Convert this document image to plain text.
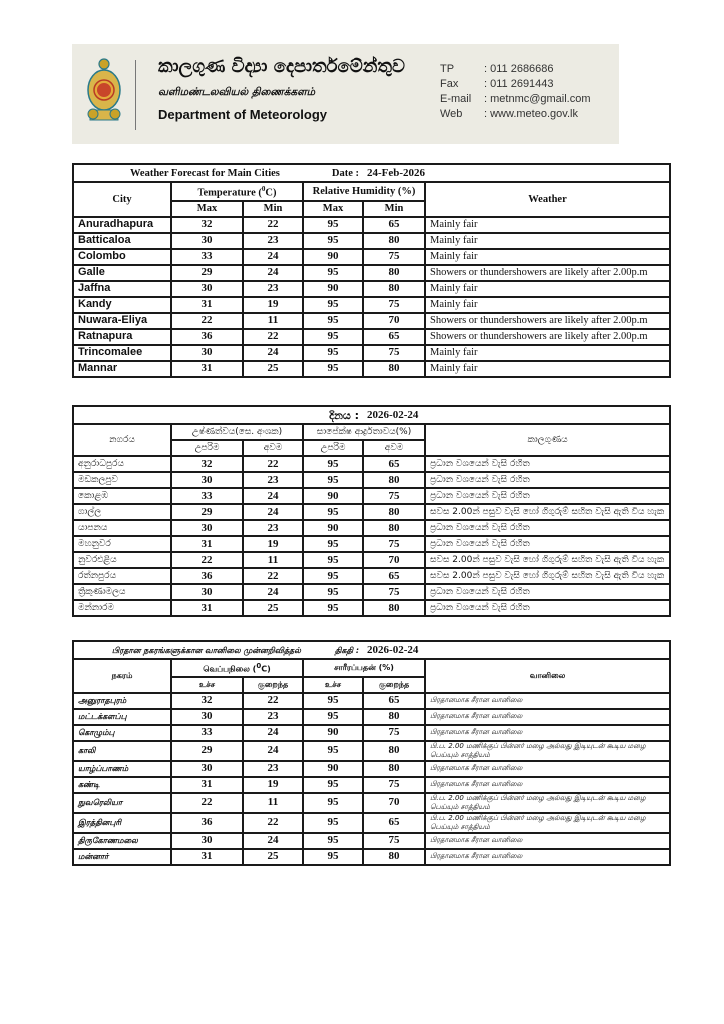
කාලගුණ විද්‍යා දෙපාර්තමේන්තුව
வளிமண்டலவியல் திணைக்களம்
Department of Meteorology
TP	: 011 2686686
Fax	: 011 2691443
E-mail	: metnmc@gmail.com
Web	: www.meteo.gov.lk
Weather Forecast for Main Cities Date :				24-Feb-2026	
City	Temperature ($^0$C)		Relative Humidity (%)		Weather
	Max	Min	Max	Min	
Anuradhapura	32	22	95	65	Mainly fair
Batticaloa	30	23	95	80	Mainly fair
Colombo	33	24	90	75	Mainly fair
Galle	29	24	95	80	Showers or thundershowers are likely after 2.00p.m
Jaffna	30	23	90	80	Mainly fair
Kandy	31	19	95	75	Mainly fair
Nuwara-Eliya	22	11	95	70	Showers or thundershowers are likely after 2.00p.m
Ratnapura	36	22	95	65	Showers or thundershowers are likely after 2.00p.m
Trincomalee	30	24	95	75	Mainly fair
Mannar	31	25	95	80	Mainly fair
දිනය :				2026-02-24	
නගරය	උෂ්ණත්වය(සෙ. අංශක)		සාපේක්ෂ ආර්ද්‍රතාවය(%)		කාලගුණය
	උපරිම	අවම	උපරිම	අවම	
අනුරාධපුරය	32	22	95	65	ප්‍රධාන වශයෙන් වැසි රහිත
මඩකලපුව	30	23	95	80	ප්‍රධාන වශයෙන් වැසි රහිත
කොළඹ	33	24	90	75	ප්‍රධාන වශයෙන් වැසි රහිත
ගාල්ල	29	24	95	80	සවස 2.00න් පසුව වැසි හෝ ගිගුරුම් සහිත වැසි ඇති විය හැක
යාපනය	30	23	90	80	ප්‍රධාන වශයෙන් වැසි රහිත
මහනුවර	31	19	95	75	ප්‍රධාන වශයෙන් වැසි රහිත
නුවරඑළිය	22	11	95	70	සවස 2.00න් පසුව වැසි හෝ ගිගුරුම් සහිත වැසි ඇති විය හැක
රත්නපුරය	36	22	95	65	සවස 2.00න් පසුව වැසි හෝ ගිගුරුම් සහිත වැසි ඇති විය හැක
ත්‍රිකුණාමලය	30	24	95	75	ප්‍රධාන වශයෙන් වැසි රහිත
මන්නාරම	31	25	95	80	ප්‍රධාන වශයෙන් වැසි රහිත
பிரதான நகரங்களுக்கான வானிலை முன்னறிவித்தல் திகதி :				2026-02-24	
நகரம்	வெப்பநிலை ($^0$C)		சாரீரப்பதன் (%)		வானிலை
	உச்ச	குறைந்த	உச்ச	குறைந்த	
அனுராதபுரம்	32	22	95	65	பிரதானமாக சீரான வானிலை
மட்டக்களப்பு	30	23	95	80	பிரதானமாக சீரான வானிலை
கொழும்பு	33	24	90	75	பிரதானமாக சீரான வானிலை
காலி	29	24	95	80	பி.ப. 2.00 மணிக்குப் பின்னர் மழை அல்லது இடியுடன் கூடிய மழை பெய்யும் சாத்தியம்
யாழ்ப்பாணம்	30	23	90	80	பிரதானமாக சீரான வானிலை
கண்டி	31	19	95	75	பிரதானமாக சீரான வானிலை
நுவரெலியா	22	11	95	70	பி.ப. 2.00 மணிக்குப் பின்னர் மழை அல்லது இடியுடன் கூடிய மழை பெய்யும் சாத்தியம்
இரத்தினபுரி	36	22	95	65	பி.ப. 2.00 மணிக்குப் பின்னர் மழை அல்லது இடியுடன் கூடிய மழை பெய்யும் சாத்தியம்
திருகோணமலை	30	24	95	75	பிரதானமாக சீரான வானிலை
மன்னார்	31	25	95	80	பிரதானமாக சீரான வானிலை
